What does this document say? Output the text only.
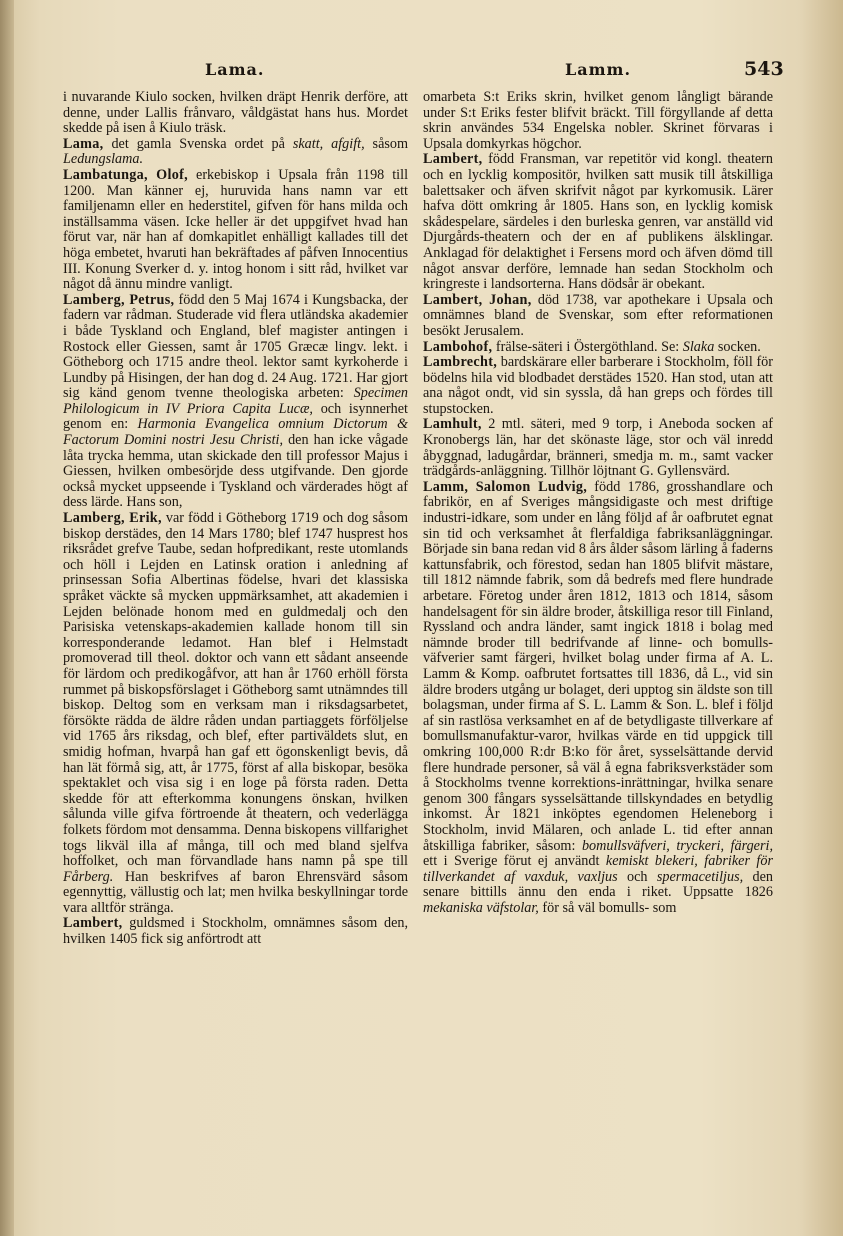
Lama.	Lamm.	543

i nuvarande Kiulo socken, hvilken dräpt Henrik derföre, att denne, under Lallis frånvaro, våldgästat hans hus. Mordet skedde på isen å Kiulo träsk.

Lama, det gamla Svenska ordet på skatt, afgift, såsom Ledungslama.

Lambatunga, Olof, erkebiskop i Upsala från 1198 till 1200. Man känner ej, huruvida hans namn var ett familjenamn eller en hederstitel, gifven för hans milda och inställsamma väsen. Icke heller är det uppgifvet hvad han förut var, när han af domkapitlet enhälligt kallades till det höga embetet, hvaruti han bekräftades af påfven Innocentius III. Konung Sverker d. y. intog honom i sitt råd, hvilket var något då ännu mindre vanligt.

Lamberg, Petrus, född den 5 Maj 1674 i Kungsbacka, der fadern var rådman. Studerade vid flera utländska akademier i både Tyskland och England, blef magister antingen i Rostock eller Giessen, samt år 1705 Græcæ lingv. lekt. i Götheborg och 1715 andre theol. lektor samt kyrkoherde i Lundby på Hisingen, der han dog d. 24 Aug. 1721. Har gjort sig känd genom tvenne theologiska arbeten: Specimen Philologicum in IV Priora Capita Lucæ, och isynnerhet genom en: Harmonia Evangelica omnium Dictorum & Factorum Domini nostri Jesu Christi, den han icke vågade låta trycka hemma, utan skickade den till professor Majus i Giessen, hvilken ombesörjde dess utgifvande. Den gjorde också mycket uppseende i Tyskland och värderades högt af dess lärde. Hans son,

Lamberg, Erik, var född i Götheborg 1719 och dog såsom biskop derstädes, den 14 Mars 1780; blef 1747 husprest hos riksrådet grefve Taube, sedan hofpredikant, reste utomlands och höll i Lejden en Latinsk oration i anledning af prinsessan Sofia Albertinas födelse, hvari det klassiska språket väckte så mycken uppmärksamhet, att akademien i Lejden belönade honom med en guldmedalj och den Parisiska vetenskaps-akademien kallade honom till sin korresponderande ledamot. Han blef i Helmstadt promoverad till theol. doktor och vann ett sådant anseende för lärdom och predikogåfvor, att han år 1760 erhöll första rummet på biskopsförslaget i Götheborg samt utnämndes till biskop. Deltog som en verksam man i riksdagsarbetet, försökte rädda de äldre råden undan partiaggets förföljelse vid 1765 års riksdag, och blef, efter partiväldets slut, en smidig hofman, hvarpå han gaf ett ögonskenligt bevis, då han lät förmå sig, att, år 1775, först af alla biskopar, besöka spektaklet och visa sig i en loge på första raden. Detta skedde för att efterkomma konungens önskan, hvilken sålunda ville gifva förtroende åt theatern, och vederlägga folkets fördom mot densamma. Denna biskopens villfarighet togs likväl illa af många, till och med bland sjelfva hoffolket, och man förvandlade hans namn på spe till Fårberg. Han beskrifves af baron Ehrensvärd såsom egennyttig, vällustig och lat; men hvilka beskyllningar torde vara alltför stränga.

Lambert, guldsmed i Stockholm, omnämnes såsom den, hvilken 1405 fick sig anförtrodt att

omarbeta S:t Eriks skrin, hvilket genom långligt bärande under S:t Eriks fester blifvit bräckt. Till förgyllande af detta skrin användes 534 Engelska nobler. Skrinet förvaras i Upsala domkyrkas högchor.

Lambert, född Fransman, var repetitör vid kongl. theatern och en lycklig kompositör, hvilken satt musik till åtskilliga balettsaker och äfven skrifvit något par kyrkomusik. Lärer hafva dött omkring år 1805. Hans son, en lycklig komisk skådespelare, särdeles i den burleska genren, var anställd vid Djurgårds-theatern och der en af publikens älsklingar. Anklagad för delaktighet i Fersens mord och äfven dömd till något ansvar derföre, lemnade han sedan Stockholm och kringreste i landsorterna. Hans dödsår är obekant.

Lambert, Johan, död 1738, var apothekare i Upsala och omnämnes bland de Svenskar, som efter reformationen besökt Jerusalem.

Lambohof, frälse-säteri i Östergöthland. Se: Slaka socken.

Lambrecht, bardskärare eller barberare i Stockholm, föll för bödelns hila vid blodbadet derstädes 1520. Han stod, utan att ana något ondt, vid sin syssla, då han greps och fördes till stupstocken.

Lamhult, 2 mtl. säteri, med 9 torp, i Aneboda socken af Kronobergs län, har det skönaste läge, stor och väl inredd åbyggnad, ladugårdar, bränneri, smedja m. m., samt vacker trädgårds-anläggning. Tillhör löjtnant G. Gyllensvärd.

Lamm, Salomon Ludvig, född 1786, grosshandlare och fabrikör, en af Sveriges mångsidigaste och mest driftige industri-idkare, som under en lång följd af år oafbrutet egnat sin tid och verksamhet åt flerfaldiga fabriksanläggningar. Började sin bana redan vid 8 års ålder såsom lärling å faderns kattunsfabrik, och förestod, sedan han 1805 blifvit mästare, till 1812 nämnde fabrik, som då bedrefs med flere hundrade arbetare. Företog under åren 1812, 1813 och 1814, såsom handelsagent för sin äldre broder, åtskilliga resor till Finland, Ryssland och andra länder, samt ingick 1818 i bolag med nämnde broder till bedrifvande af linne- och bomulls-väfverier samt färgeri, hvilket bolag under firma af A. L. Lamm & Komp. oafbrutet fortsattes till 1836, då L., vid sin äldre broders utgång ur bolaget, deri upptog sin äldste son till bolagsman, under firma af S. L. Lamm & Son. L. blef i följd af sin rastlösa verksamhet en af de betydligaste tillverkare af bomullsmanufaktur-varor, hvilkas värde en tid uppgick till omkring 100,000 R:dr B:ko för året, sysselsättande dervid flere hundrade personer, så väl å egna fabriksverkstäder som å Stockholms tvenne korrektions-inrättningar, hvilka senare genom 300 fångars sysselsättande tillskyndades en betydlig inkomst. År 1821 inköptes egendomen Heleneborg i Stockholm, invid Mälaren, och anlade L. tid efter annan åtskilliga fabriker, såsom: bomullsväfveri, tryckeri, färgeri, ett i Sverige förut ej användt kemiskt blekeri, fabriker för tillverkandet af vaxduk, vaxljus och spermacetiljus, den senare bittills ännu den enda i riket. Uppsatte 1826 mekaniska väfstolar, för så väl bomulls- som
